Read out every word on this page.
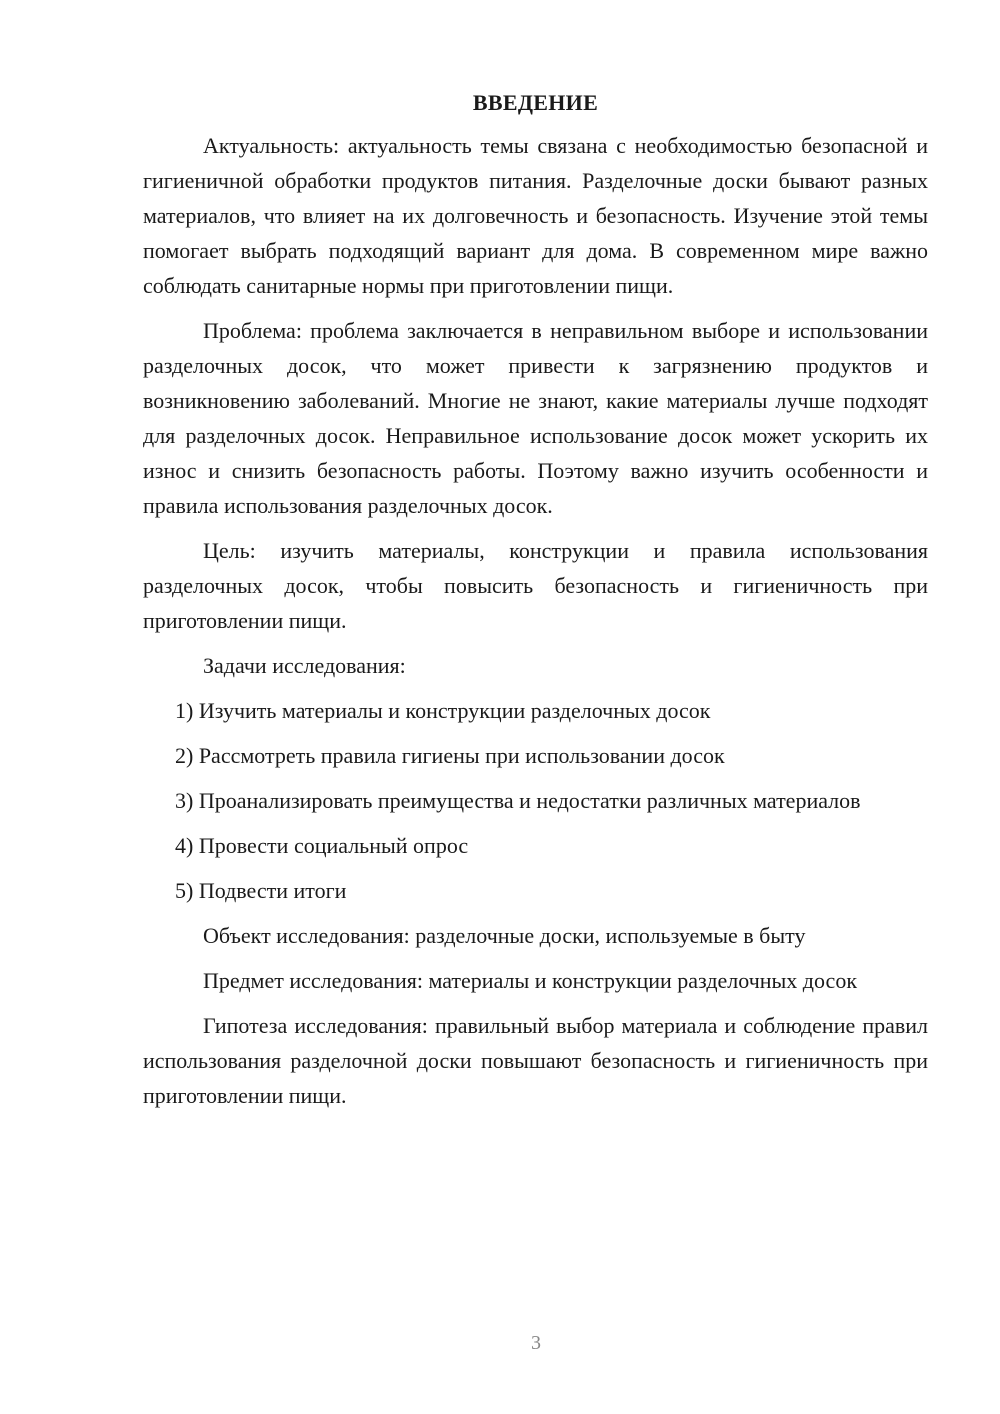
ВВЕДЕНИЕ

Актуальность: актуальность темы связана с необходимостью безопасной и гигиеничной обработки продуктов питания. Разделочные доски бывают разных материалов, что влияет на их долговечность и безопасность. Изучение этой темы помогает выбрать подходящий вариант для дома. В современном мире важно соблюдать санитарные нормы при приготовлении пищи.

Проблема: проблема заключается в неправильном выборе и использовании разделочных досок, что может привести к загрязнению продуктов и возникновению заболеваний. Многие не знают, какие материалы лучше подходят для разделочных досок. Неправильное использование досок может ускорить их износ и снизить безопасность работы. Поэтому важно изучить особенности и правила использования разделочных досок.

Цель: изучить материалы, конструкции и правила использования разделочных досок, чтобы повысить безопасность и гигиеничность при приготовлении пищи.

Задачи исследования:

1) Изучить материалы и конструкции разделочных досок

2) Рассмотреть правила гигиены при использовании досок

3) Проанализировать преимущества и недостатки различных материалов

4) Провести социальный опрос

5) Подвести итоги

Объект исследования: разделочные доски, используемые в быту

Предмет исследования: материалы и конструкции разделочных досок

Гипотеза исследования: правильный выбор материала и соблюдение правил использования разделочной доски повышают безопасность и гигиеничность при приготовлении пищи.

3
